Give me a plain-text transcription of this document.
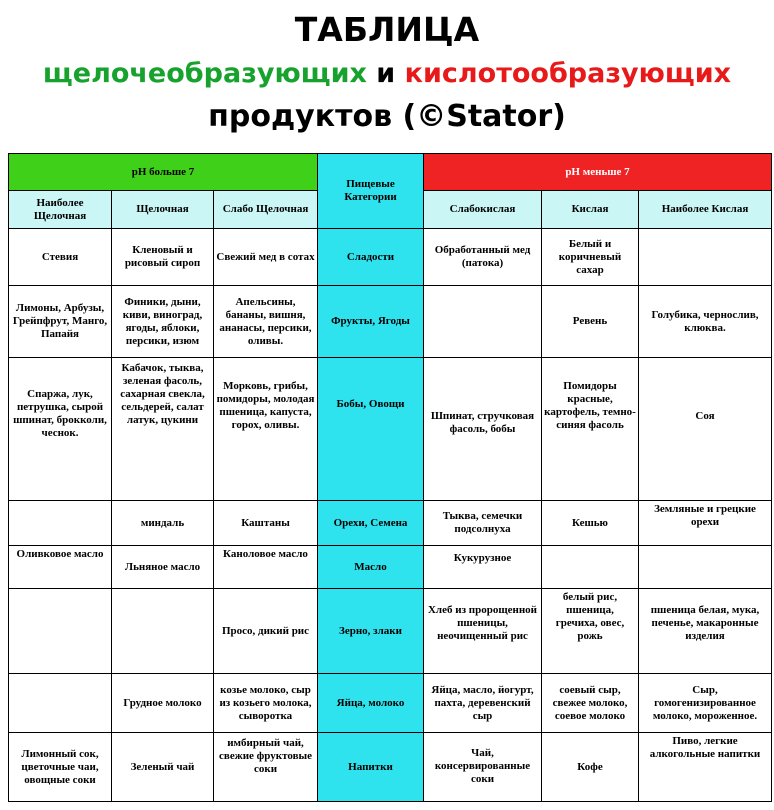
ТАБЛИЦА
щелочеобразующих и кислотообразующих
продуктов (©Stator)
pH больше 7			Пищевые Категории	pH меньше 7		
Наиболее Щелочная	Щелочная	Слабо Щелочная		Слабокислая	Кислая	Наиболее Кислая
Стевия	Кленовый и рисовый сироп	Свежий мед в сотах	Сладости	Обработанный мед (патока)	Белый и коричневый сахар	
Лимоны, Арбузы, Грейпфрут, Манго, Папайя	Финики, дыни, киви, виноград, ягоды, яблоки, персики, изюм	Апельсины, бананы, вишня, ананасы, персики, оливы.	Фрукты, Ягоды		Ревень	Голубика, чернослив, клюква.
Спаржа, лук, петрушка, сырой шпинат, брокколи, чеснок.	Кабачок, тыква, зеленая фасоль, сахарная свекла, сельдерей, салат латук, цукини	Морковь, грибы, помидоры, молодая пшеница, капуста, горох, оливы.	Бобы, Овощи	Шпинат, стручковая фасоль, бобы	Помидоры красные, картофель, темно-синяя фасоль	Соя
	миндаль	Каштаны	Орехи, Семена	Тыква, семечки подсолнуха	Кешью	Земляные и грецкие орехи
Оливковое масло	Льняное масло	Каноловое масло	Масло	Кукурузное		
		Просо, дикий рис	Зерно, злаки	Хлеб из пророщенной пшеницы, неочищенный рис	белый рис, пшеница, гречиха, овес, рожь	пшеница белая, мука, печенье, макаронные изделия
	Грудное молоко	козье молоко, сыр из козьего молока, сыворотка	Яйца, молоко	Яйца, масло, йогурт, пахта, деревенский сыр	соевый сыр, свежее молоко, соевое молоко	Сыр, гомогенизированное молоко, мороженное.
Лимонный сок, цветочные чаи, овощные соки	Зеленый чай	имбирный чай, свежие фруктовые соки	Напитки	Чай, консервированные соки	Кофе	Пиво, легкие алкогольные напитки
